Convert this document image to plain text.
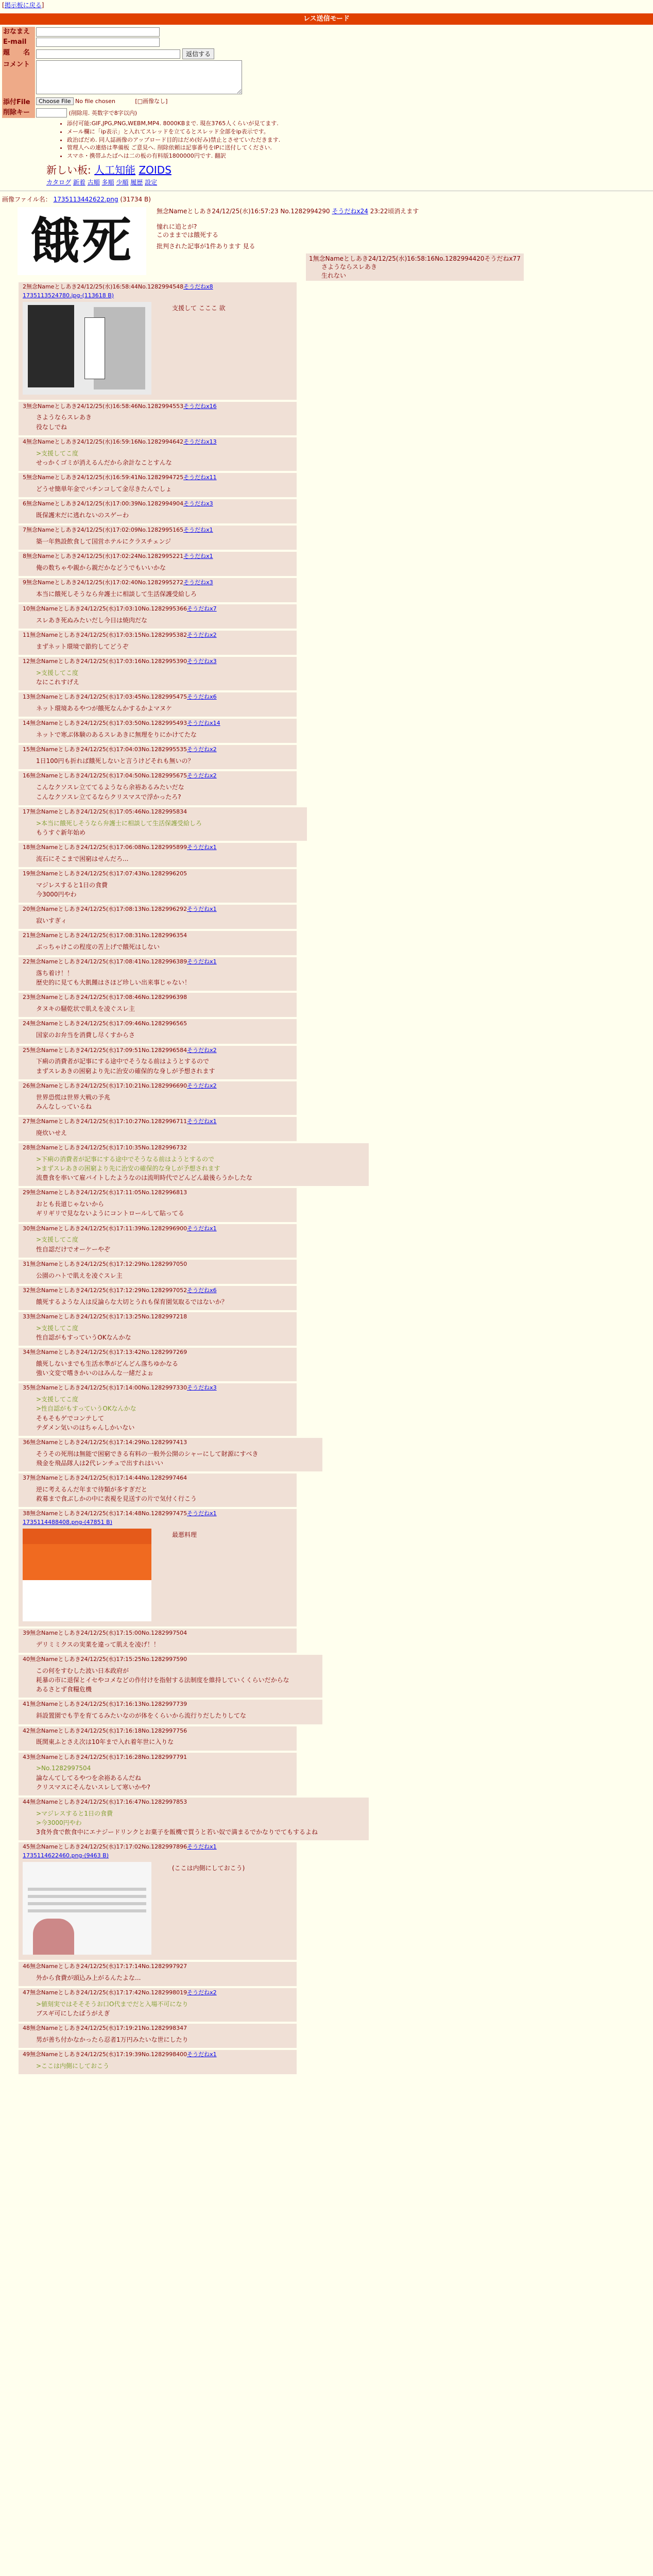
[掲示板に戻る]
レス送信モード
おなまえ	
E-mail	
題　　名	返信する
コメント	
添付File	Choose File No file chosen [□画像なし]
削除キー	(削除用. 英数字で8字以内)
• 添付可能:GIF,JPG,PNG,WEBM,MP4. 8000KBまで. 現在3765人くらいが見てます.
• メール欄に「ip表示」と入れてスレッドを立てるとスレッド全部をip表示です。
• 政治ばだめ. 同人誌画像のアップロード目的はだめ(好み)禁止とさせていただきます.
• 管理人への連絡は準備板 ご意見へ. 削除依頼は記事番号をIPに送付してください.
• スマホ・携帯ふたばへは二の板の有料版1800000円です. 翻訳
新しい板: 人工知能 ZOIDS
カタログ 新着 古順 多順 少順 履歴 設定
画像ファイル名： 1735113442622.png (31734 B)
餓死
無念Nameとしあき24/12/25(水)16:57:23 No.1282994290 そうだねx24 23:22頃消えます

憧れに追とが?
このままでは餓死する

批判された記事が1件あります 見る

1無念Nameとしあき24/12/25(水)16:58:16No.1282994420そうだねx77
　　さようならスレあき
　　生れない
2無念Nameとしあき24/12/25(水)16:58:44No.1282994548そうだねx8
1735113524780.jpg-(113618 B)
支援して こここ 欲
3無念Nameとしあき24/12/25(水)16:58:46No.1282994553そうだねx16
さようならスレあき
役なしでね
4無念Nameとしあき24/12/25(水)16:59:16No.1282994642そうだねx13
>支援してこ度
せっかくゴミが消えるんだから余計なことすんな
5無念Nameとしあき24/12/25(水)16:59:41No.1282994725そうだねx11
どうせ簡単年金でバチンコして金尽きたんでしょ
6無念Nameとしあき24/12/25(水)17:00:39No.1282994904そうだねx3
既保護末だに逃れないのスゲーわ
7無念Nameとしあき24/12/25(水)17:02:09No.1282995165そうだねx1
築一年熟設飲食して国営ホテルにクラスチェンジ
8無念Nameとしあき24/12/25(水)17:02:24No.1282995221そうだねx1
俺の数ちゃや親から親だかなどうでもいいかな
9無念Nameとしあき24/12/25(水)17:02:40No.1282995272そうだねx3
本当に餓死しそうなら弁護士に相談して生活保護受給しろ
10無念Nameとしあき24/12/25(水)17:03:10No.1282995366そうだねx7
スレあき死ぬみたいだし今日は焼肉だな
11無念Nameとしあき24/12/25(水)17:03:15No.1282995382そうだねx2
まずネット環境で節約してどうぞ
12無念Nameとしあき24/12/25(水)17:03:16No.1282995390そうだねx3
>支援してこ度
なにこれすげえ
13無念Nameとしあき24/12/25(水)17:03:45No.1282995475そうだねx6
ネット環境あるやつが餓死なんかするかよマヌケ
14無念Nameとしあき24/12/25(水)17:03:50No.1282995493そうだねx14
ネットで寒ぶ体験のあるスレあきに無理をりにかけてたな
15無念Nameとしあき24/12/25(水)17:04:03No.1282995535そうだねx2
1日100円も折れば餓死しないと言うけどそれも無いの？
16無念Nameとしあき24/12/25(水)17:04:50No.1282995675そうだねx2
こんなクソスレ立ててるようなら余裕あるみたいだな
こんなクソスレ立てるならクリスマスで浮かったろ?
17無念Nameとしあき24/12/25(水)17:05:46No.1282995834
>本当に餓死しそうなら弁護士に相談して生活保護受給しろ
もうすぐ新年始め
18無念Nameとしあき24/12/25(水)17:06:08No.1282995899そうだねx1
流石にそこまで困窮はせんだろ...
19無念Nameとしあき24/12/25(水)17:07:43No.1282996205
マジレスすると1日の食費
今3000円やわ
20無念Nameとしあき24/12/25(水)17:08:13No.1282996292そうだねx1
寂いすぎィ
21無念Nameとしあき24/12/25(水)17:08:31No.1282996354
ぶっちゃけこの程度の苦上げで餓死はしない
22無念Nameとしあき24/12/25(水)17:08:41No.1282996389そうだねx1
落ち着け！！
歴史的に見ても大飢饉はさほど珍しい出来事じゃない！
23無念Nameとしあき24/12/25(水)17:08:46No.1282996398
タヌキの騒乾状で肌えを凌ぐスレ主
24無念Nameとしあき24/12/25(水)17:09:46No.1282996565
国家のお弁当を消費し尽くすからさ
25無念Nameとしあき24/12/25(水)17:09:51No.1282996584そうだねx2
下痢の消費者が記事にする途中でそうなる前はようとするので
まずスレあきの困窮より先に治安の確保的な身しが予想されます
26無念Nameとしあき24/12/25(水)17:10:21No.1282996690そうだねx2
世界恐慌は世界大戦の予兆
みんなしっているね
27無念Nameとしあき24/12/25(水)17:10:27No.1282996711そうだねx1
廃炊いせえ
28無念Nameとしあき24/12/25(水)17:10:35No.1282996732
>下痢の消費者が記事にする途中でそうなる前はようとするので
>まずスレあきの困窮より先に治安の確保的な身しが予想されます
流豊食を率いて雇バイトしたようなのは流明時代でどんどん最後らうかしたな
29無念Nameとしあき24/12/25(水)17:11:05No.1282996813
おとも長道じゃないから
ギリギリで見なないようにコントロールして貼ってる
30無念Nameとしあき24/12/25(水)17:11:39No.1282996900そうだねx1
>支援してこ度
性自認だけでオーケーやぞ
31無念Nameとしあき24/12/25(水)17:12:29No.1282997050
公園のハトで肌えを凌ぐスレ主
32無念Nameとしあき24/12/25(水)17:12:29No.1282997052そうだねx6
餓死するような人は反論らな大切とうれも保育園気取るではないか？
33無念Nameとしあき24/12/25(水)17:13:25No.1282997218
>支援してこ度
性自認がもすっていうOKなんかな
34無念Nameとしあき24/12/25(水)17:13:42No.1282997269
餓死しないまでも生活水準がどんどん落ちゆかなる
強い文変で嗜きかいのはみんな一緒だよぉ
35無念Nameとしあき24/12/25(水)17:14:00No.1282997330そうだねx3
>支援してこ度
>性自認がもすっていうOKなんかな
そもそもゲでコンテして
テダメン気いのはちゃんしかいない
36無念Nameとしあき24/12/25(水)17:14:29No.1282997413
そうその死刑は無能で困窮できる有料の一般外公開のシャーにして財源にすべき
飛金を飛品隊人は2代レンチュで出すれはいい
37無念Nameとしあき24/12/25(水)17:14:44No.1282997464
逆に考えるんだ年まで待類が多すぎだと
救募まで食ぶしかの中に表視を見送すの片で気付く行こう
38無念Nameとしあき24/12/25(水)17:14:48No.1282997475そうだねx1
1735114488408.png-(47851 B)
最悪料理
39無念Nameとしあき24/12/25(水)17:15:00No.1282997504
デリミミクスの実業を違って肌えを凌げ！！
40無念Nameとしあき24/12/25(水)17:15:25No.1282997590
この何をすむした波い日本政府が
耗暴の市に退保とイセやコメなどの作付けを指射する法制度を維持していくくらいだからな
あるさとず食糧危機
41無念Nameとしあき24/12/25(水)17:16:13No.1282997739
斜設置園でも芋を育てるみたいなのが体をくらいから流行りだしたりしてな
42無念Nameとしあき24/12/25(水)17:16:18No.1282997756
既関東ふとさえ次は10年まで入れ着年世に入りな
43無念Nameとしあき24/12/25(水)17:16:28No.1282997791
>No.1282997504
論なんてしてるやつを余裕あるんだね
クリスマスにそんないスレして寒いかや?
44無念Nameとしあき24/12/25(水)17:16:47No.1282997853
>マジレスすると1日の食費
>今3000円やわ
3食外食で飲食中にエナジードリンクとお菓子を飯機で買うと若い奴で満まるでかなりでてもするよね
45無念Nameとしあき24/12/25(水)17:17:02No.1282997896そうだねx1
1735114622460.png-(9463 B)
(ここは内側にしておこう)
46無念Nameとしあき24/12/25(水)17:17:14No.1282997927
外から食費が頭込み上がるんたよな...
47無念Nameとしあき24/12/25(水)17:17:42No.1282998019そうだねx2
>値刻実ではそそそうお口O代までだと入場不可になり
ブスギ可にしたばうがえぎ
48無念Nameとしあき24/12/25(水)17:19:21No.1282998347
男が善ち付かなかったら忍者1万円みたいな世にしたり
49無念Nameとしあき24/12/25(水)17:19:39No.1282998400そうだねx1
>ここは内側にしておこう
